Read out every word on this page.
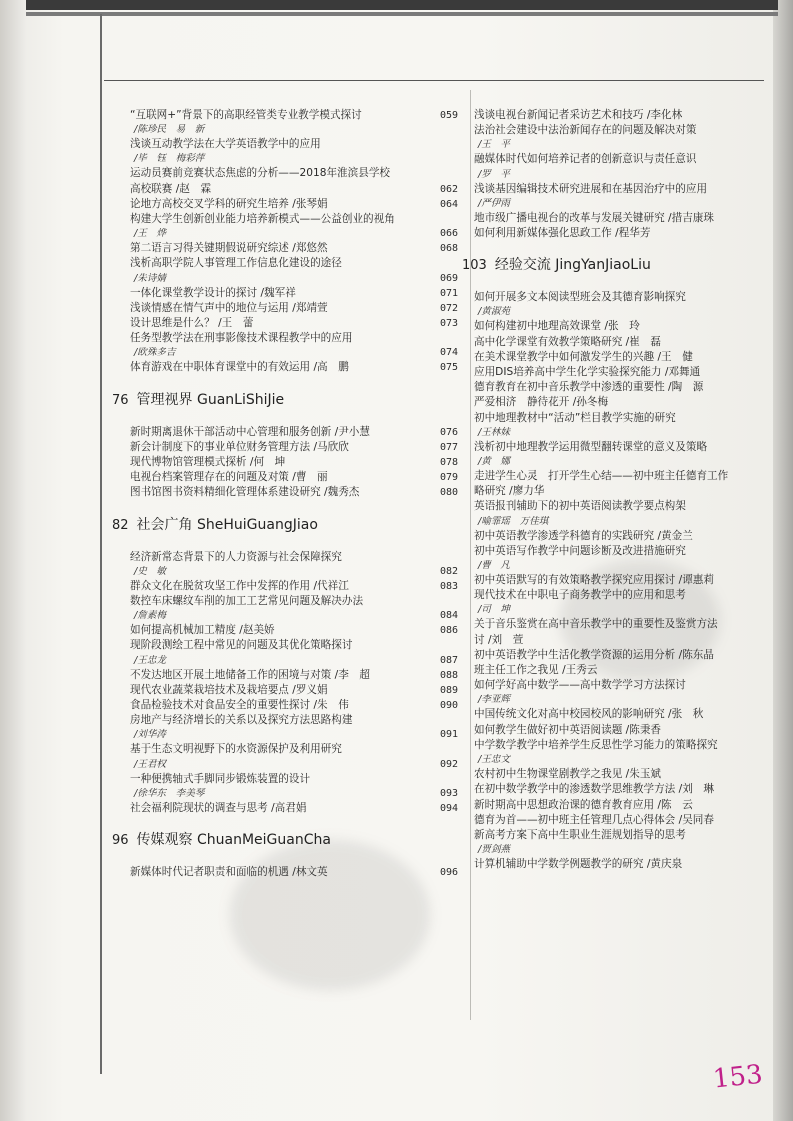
“互联网+”背景下的高职经管类专业教学模式探讨	059
/陈珍民　易　新
浅谈互动教学法在大学英语教学中的应用
/毕　钰　梅彩萍
运动员赛前竞赛状态焦虑的分析——2018年淮滨县学校
高校联赛 /赵　霖	062
论地方高校交叉学科的研究生培养 /张琴娟	064
构建大学生创新创业能力培养新模式——公益创业的视角
/王　烨	066
第二语言习得关键期假说研究综述 /郑悠然	068
浅析高职学院人事管理工作信息化建设的途径
/朱诗婧	069
一体化课堂教学设计的探讨 /魏军祥	071
浅谈情感在情气声中的地位与运用 /郑靖萱	072
设计思维是什么？ /王　蕾	073
任务型教学法在刑事影像技术课程教学中的应用
/欧殊多吉	074
体育游戏在中职体育课堂中的有效运用 /高　鹏	075
76 管理视界 GuanLiShiJie
新时期离退休干部活动中心管理和服务创新 /尹小慧	076
新会计制度下的事业单位财务管理方法 /马欣欣	077
现代博物馆管理模式探析 /何　坤	078
电视台档案管理存在的问题及对策 /曹　丽	079
图书馆图书资料精细化管理体系建设研究 /魏秀杰	080
82 社会广角 SheHuiGuangJiao
经济新常态背景下的人力资源与社会保障探究
/史　敏	082
群众文化在脱贫攻坚工作中发挥的作用 /代祥江	083
数控车床螺纹车削的加工工艺常见问题及解决办法
/詹素梅	084
如何提高机械加工精度 /赵美娇	086
现阶段测绘工程中常见的问题及其优化策略探讨
/王忠龙	087
不发达地区开展土地储备工作的困境与对策 /李　超	088
现代农业蔬菜栽培技术及栽培要点 /罗义娟	089
食品检验技术对食品安全的重要性探讨 /朱　伟	090
房地产与经济增长的关系以及探究方法思路构建
/刘华涛	091
基于生态文明视野下的水资源保护及利用研究
/王君权	092
一种便携轴式手脚同步锻炼装置的设计
/徐华东　李美琴	093
社会福利院现状的调查与思考 /高君娟	094
96 传媒观察 ChuanMeiGuanCha
新媒体时代记者职责和面临的机遇 /林文英	096
浅谈电视台新闻记者采访艺术和技巧 /李化林
法治社会建设中法治新闻存在的问题及解决对策
/王　平
融媒体时代如何培养记者的创新意识与责任意识
/罗　平
浅谈基因编辑技术研究进展和在基因治疗中的应用
/严伊雨
地市级广播电视台的改革与发展关键研究 /措吉康珠
如何利用新媒体强化思政工作 /程华芳
103 经验交流 JingYanJiaoLiu
如何开展多文本阅读型班会及其德育影响探究
/黄淑苑
如何构建初中地理高效课堂 /张　玲
高中化学课堂有效教学策略研究 /崔　磊
在美术课堂教学中如何激发学生的兴趣 /王　健
应用DIS培养高中学生化学实验探究能力 /邓舞通
德育教育在初中音乐教学中渗透的重要性 /陶　源
严爱相济　静待花开 /孙冬梅
初中地理教材中“活动”栏目教学实施的研究
/王林妹
浅析初中地理教学运用微型翻转课堂的意义及策略
/黄　娜
走进学生心灵　打开学生心结——初中班主任德育工作
略研究 /廖力华
英语报刊辅助下的初中英语阅读教学要点构架
/喻霏瑶　万佳琪
初中英语教学渗透学科德育的实践研究 /黄金兰
初中英语写作教学中问题诊断及改进措施研究
/曹　凡
初中英语默写的有效策略教学探究应用探讨 /谭惠莉
现代技术在中职电子商务教学中的应用和思考
/司　坤
关于音乐鉴赏在高中音乐教学中的重要性及鉴赏方法
讨 /刘　萱
初中英语教学中生活化教学资源的运用分析 /陈东晶
班主任工作之我见 /王秀云
如何学好高中数学——高中数学学习方法探讨
/李亚辉
中国传统文化对高中校园校风的影响研究 /张　秋
如何教学生做好初中英语阅读题 /陈秉香
中学数学教学中培养学生反思性学习能力的策略探究
/王忠文
农村初中生物课堂剧教学之我见 /朱玉斌
在初中数学教学中的渗透数学思维教学方法 /刘　琳
新时期高中思想政治课的德育教育应用 /陈　云
德育为首——初中班主任管理几点心得体会 /吴同春
新高考方案下高中生职业生涯规划指导的思考
/贾剑燕
计算机辅助中学数学例题教学的研究 /黄庆泉
153
